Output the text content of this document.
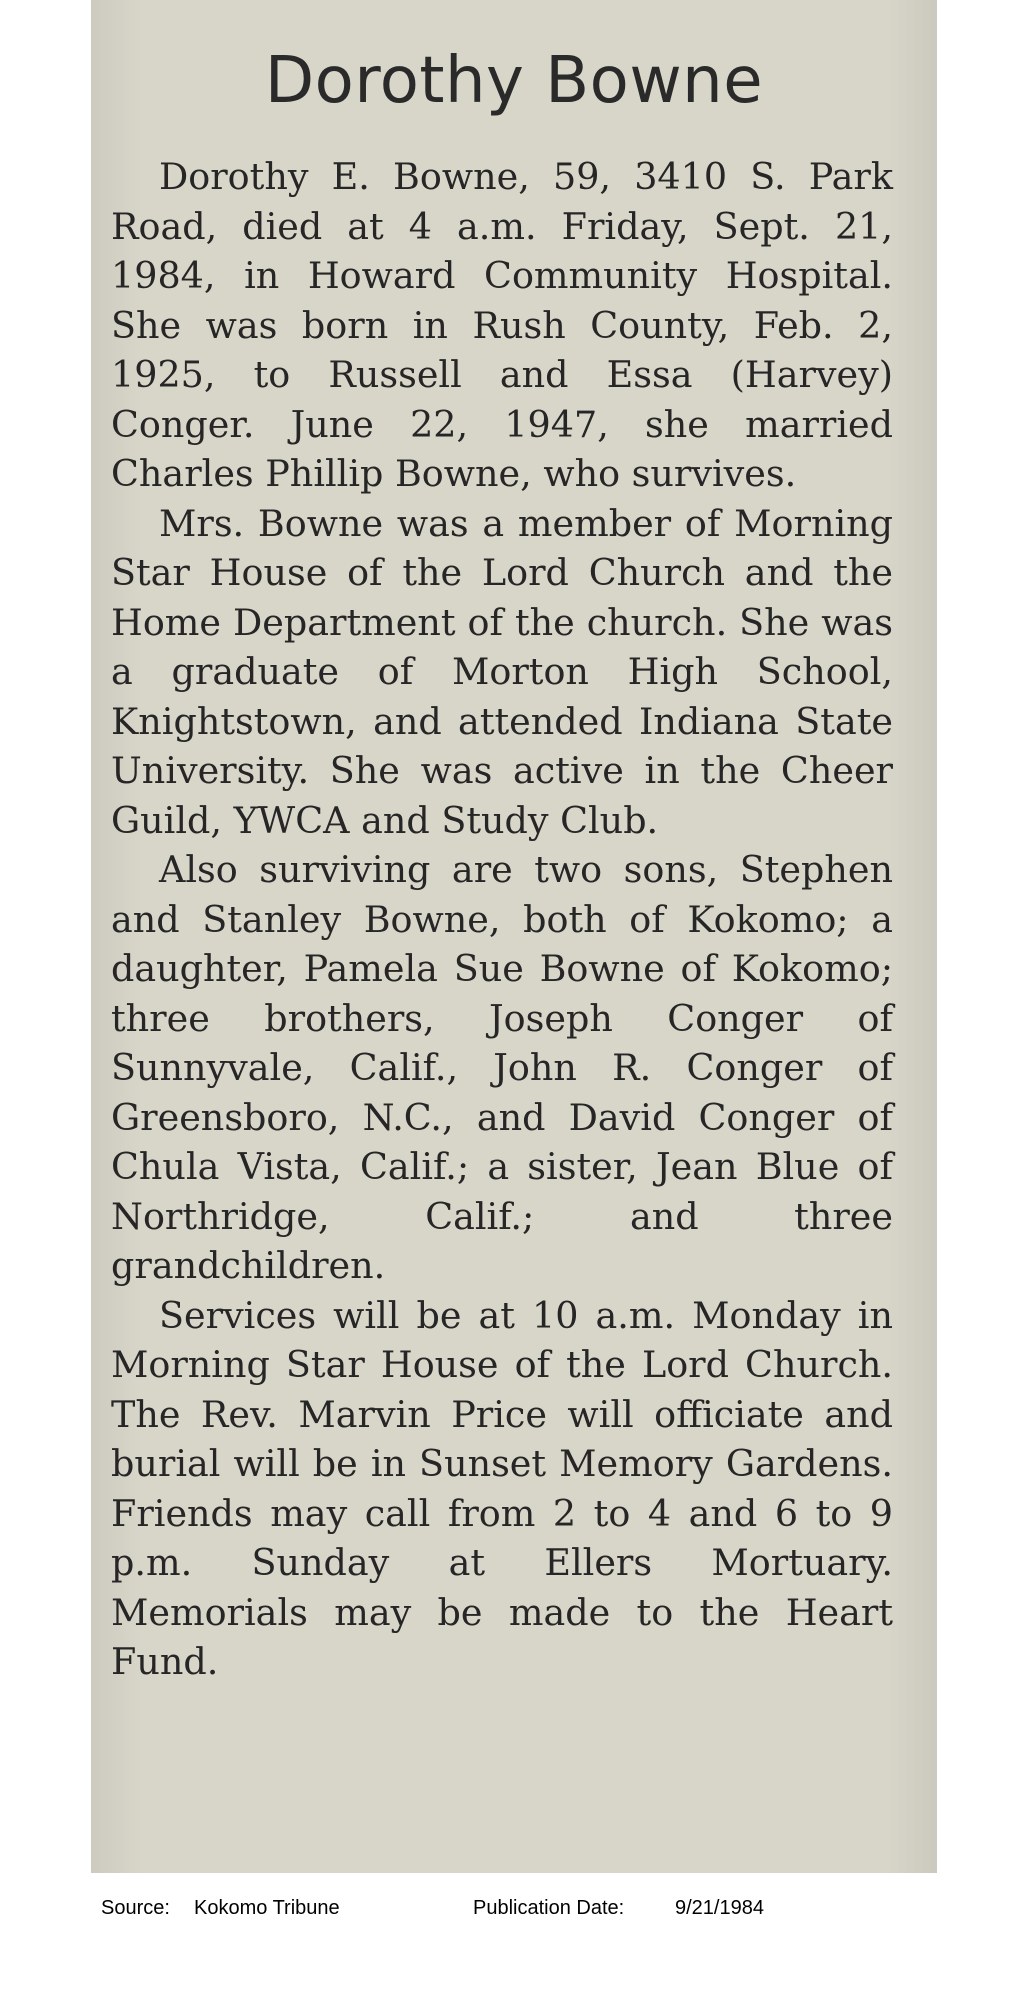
Dorothy Bowne

Dorothy E. Bowne, 59, 3410 S. Park Road, died at 4 a.m. Friday, Sept. 21, 1984, in Howard Community Hospital. She was born in Rush County, Feb. 2, 1925, to Russell and Essa (Harvey) Conger. June 22, 1947, she married Charles Phillip Bowne, who survives.

Mrs. Bowne was a member of Morning Star House of the Lord Church and the Home Department of the church. She was a graduate of Morton High School, Knightstown, and attended Indiana State University. She was active in the Cheer Guild, YWCA and Study Club.

Also surviving are two sons, Stephen and Stanley Bowne, both of Kokomo; a daughter, Pamela Sue Bowne of Kokomo; three brothers, Joseph Conger of Sunnyvale, Calif., John R. Conger of Greensboro, N.C., and David Conger of Chula Vista, Calif.; a sister, Jean Blue of Northridge, Calif.; and three grandchildren.

Services will be at 10 a.m. Monday in Morning Star House of the Lord Church. The Rev. Marvin Price will officiate and burial will be in Sunset Memory Gardens. Friends may call from 2 to 4 and 6 to 9 p.m. Sunday at Ellers Mortuary. Memorials may be made to the Heart Fund.

Source: Kokomo Tribune	Publication Date:	9/21/1984
